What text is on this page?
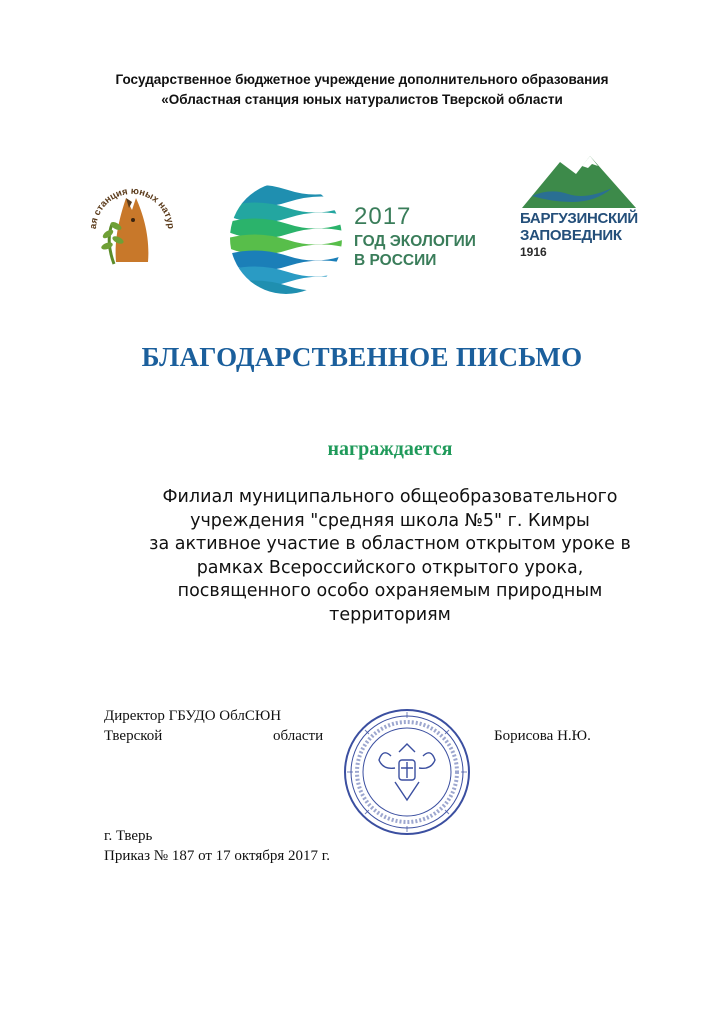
Государственное бюджетное учреждение дополнительного образования
«Областная станция юных натуралистов Тверской области
ая станция юных натур	2017
ГОД ЭКОЛОГИИ
В РОССИИ
БАРГУЗИНСКИЙ
ЗАПОВЕДНИК
1916
БЛАГОДАРСТВЕННОЕ ПИСЬМО
награждается
Филиал муниципального общеобразовательного
учреждения "средняя школа №5" г. Кимры
за активное участие в областном открытом уроке в
рамках Всероссийского открытого урока,
посвященного особо охраняемым природным
территориям
Директор ГБУДО ОблСЮН
Тверской	области	Борисова Н.Ю.
г. Тверь
Приказ № 187 от 17 октября 2017 г.
